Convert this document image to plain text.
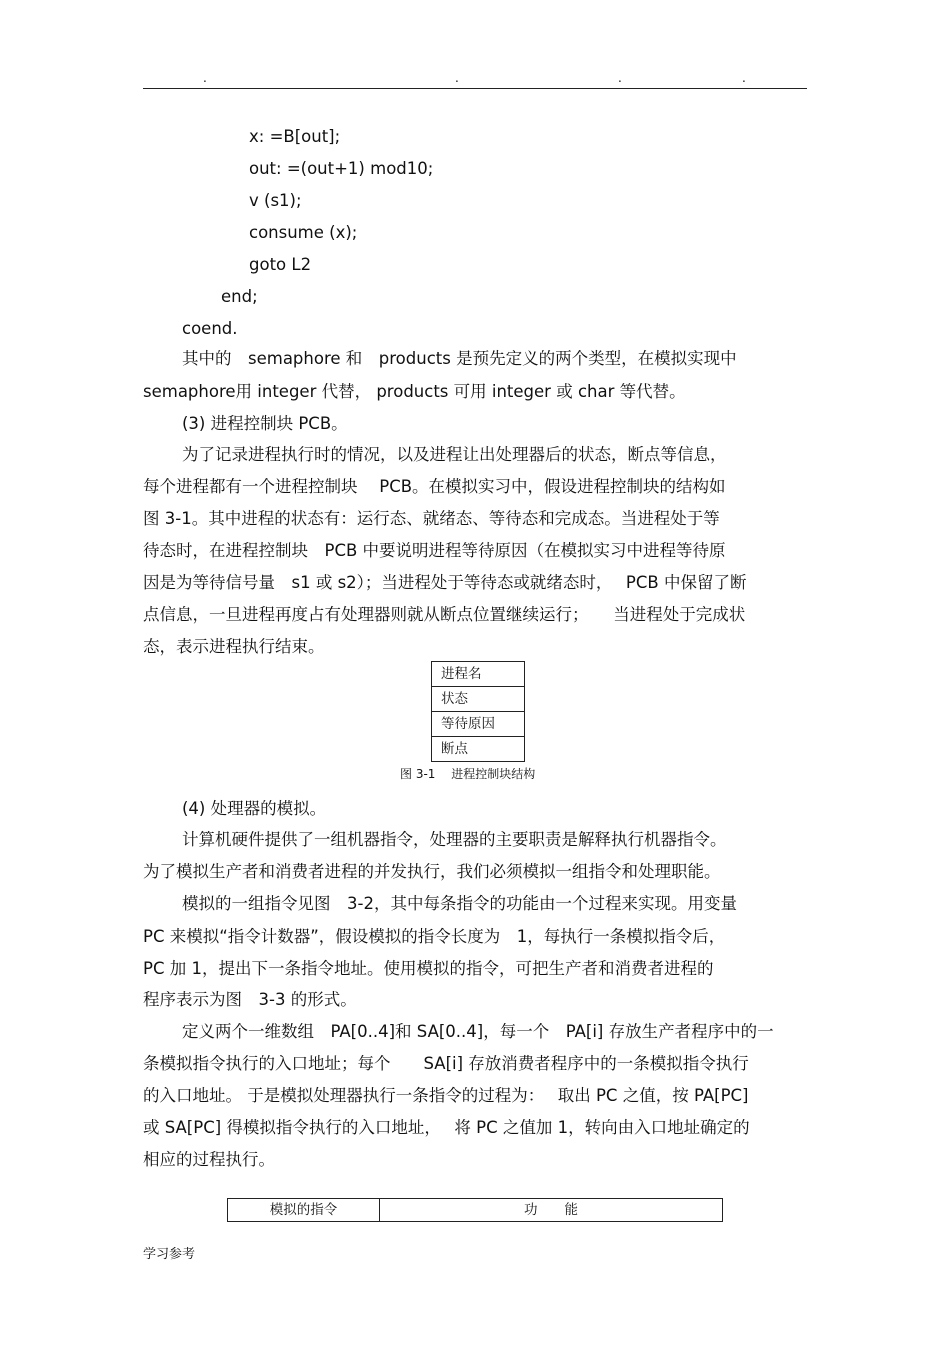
.	.	.	.
x: =B[out];
out: =(out+1) mod10;
v (s1);
consume (x);
goto L2
end;
coend.
其中的　semaphore 和　products 是预先定义的两个类型，在模拟实现中
semaphore用 integer 代替， products 可用 integer 或 char 等代替。
(3) 进程控制块 PCB。
为了记录进程执行时的情况，以及进程让出处理器后的状态，断点等信息，
每个进程都有一个进程控制块　 PCB。在模拟实习中，假设进程控制块的结构如
图 3-1。其中进程的状态有：运行态、就绪态、等待态和完成态。当进程处于等
待态时，在进程控制块　PCB 中要说明进程等待原因（在模拟实习中进程等待原
因是为等待信号量　s1 或 s2）；当进程处于等待态或就绪态时，　 PCB 中保留了断
点信息，一旦进程再度占有处理器则就从断点位置继续运行；　　当进程处于完成状
态，表示进程执行结束。
进程名
状态
等待原因
断点
图 3-1　 进程控制块结构
(4) 处理器的模拟。
计算机硬件提供了一组机器指令，处理器的主要职责是解释执行机器指令。
为了模拟生产者和消费者进程的并发执行，我们必须模拟一组指令和处理职能。
模拟的一组指令见图　3-2，其中每条指令的功能由一个过程来实现。用变量
PC 来模拟“指令计数器”，假设模拟的指令长度为　1，每执行一条模拟指令后，
PC 加 1，提出下一条指令地址。使用模拟的指令，可把生产者和消费者进程的
程序表示为图　3-3 的形式。
定义两个一维数组　PA[0..4]和 SA[0..4]，每一个　PA[i] 存放生产者程序中的一
条模拟指令执行的入口地址；每个　　SA[i] 存放消费者程序中的一条模拟指令执行
的入口地址。 于是模拟处理器执行一条指令的过程为：　 取出 PC 之值，按 PA[PC]
或 SA[PC] 得模拟指令执行的入口地址，　 将 PC 之值加 1，转向由入口地址确定的
相应的过程执行。
模拟的指令	功　　能
学习参考
